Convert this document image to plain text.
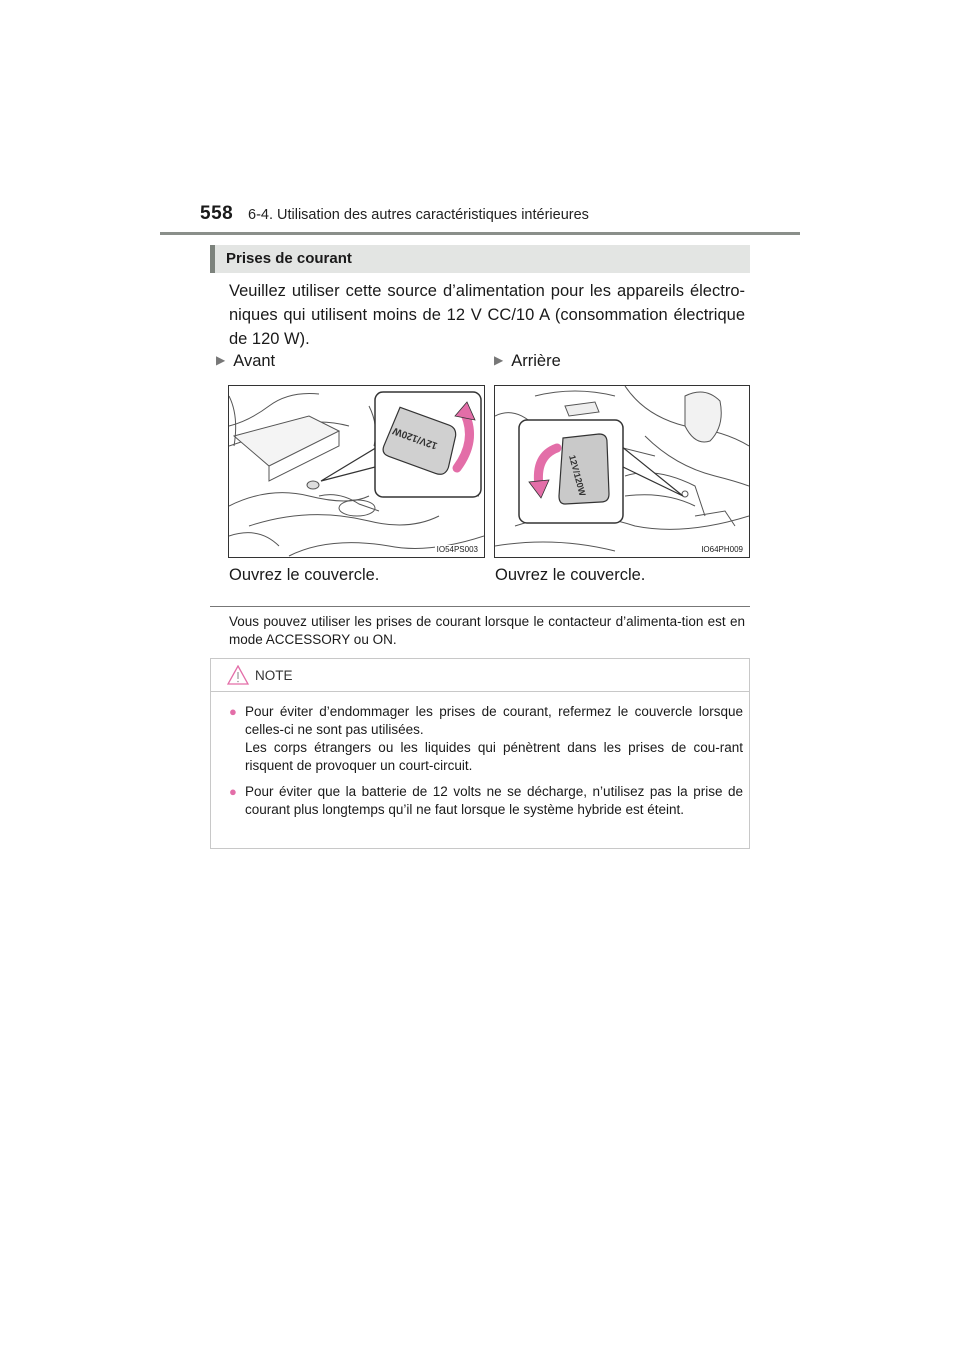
558 6-4. Utilisation des autres caractéristiques intérieures
Prises de courant
Veuillez utiliser cette source d’alimentation pour les appareils électro-niques qui utilisent moins de 12 V CC/10 A (consommation électrique de 120 W).
▶ Avant	▶ Arrière
12V/120W
IO54PS003
12V/120W
IO64PH009
Ouvrez le couvercle.	Ouvrez le couvercle.
Vous pouvez utiliser les prises de courant lorsque le contacteur d’alimenta-tion est en mode ACCESSORY ou ON.
NOTE
● Pour éviter d’endommager les prises de courant, refermez le couvercle lorsque celles-ci ne sont pas utilisées.
Les corps étrangers ou les liquides qui pénètrent dans les prises de cou-rant risquent de provoquer un court-circuit.
● Pour éviter que la batterie de 12 volts ne se décharge, n’utilisez pas la prise de courant plus longtemps qu’il ne faut lorsque le système hybride est éteint.
